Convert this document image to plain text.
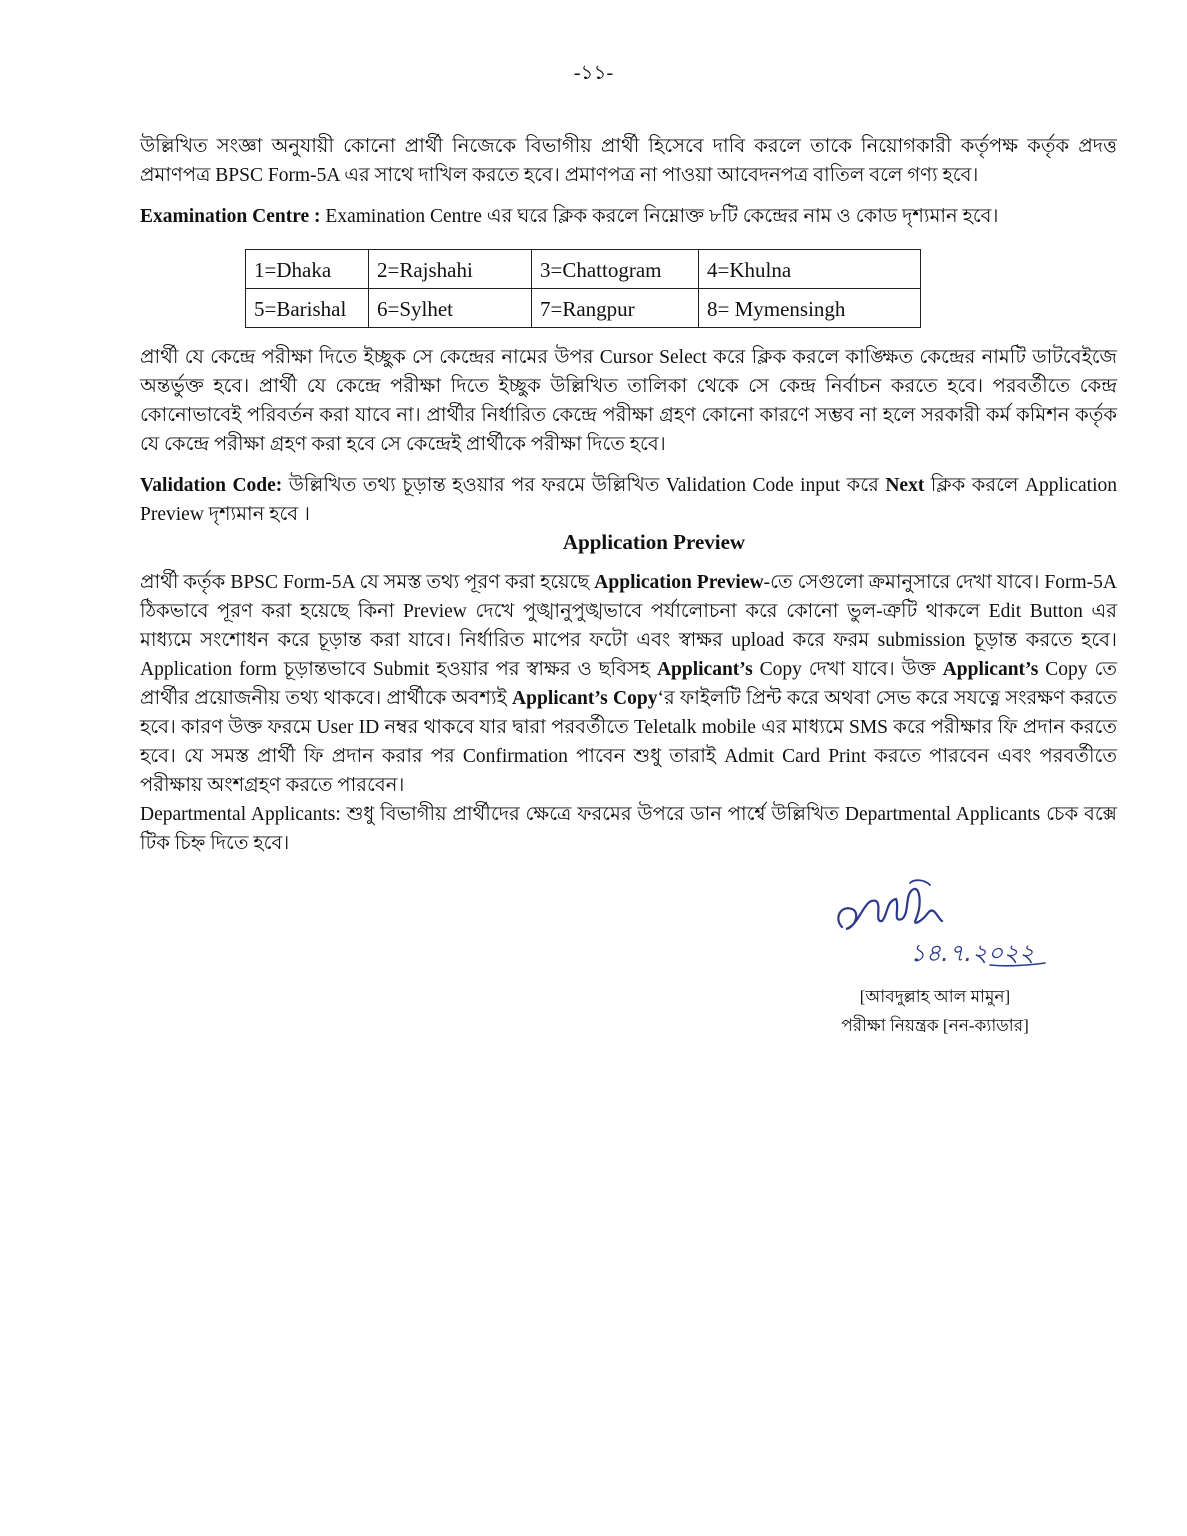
-১১-
উল্লিখিত সংজ্ঞা অনুযায়ী কোনো প্রার্থী নিজেকে বিভাগীয় প্রার্থী হিসেবে দাবি করলে তাকে নিয়োগকারী কর্তৃপক্ষ কর্তৃক প্রদত্ত প্রমাণপত্র BPSC Form-5A এর সাথে দাখিল করতে হবে। প্রমাণপত্র না পাওয়া আবেদনপত্র বাতিল বলে গণ্য হবে।
Examination Centre : Examination Centre এর ঘরে ক্লিক করলে নিম্নোক্ত ৮টি কেন্দ্রের নাম ও কোড দৃশ্যমান হবে।
1=Dhaka	2=Rajshahi	3=Chattogram	4=Khulna
5=Barishal	6=Sylhet	7=Rangpur	8= Mymensingh
প্রার্থী যে কেন্দ্রে পরীক্ষা দিতে ইচ্ছুক সে কেন্দ্রের নামের উপর Cursor Select করে ক্লিক করলে কাঙ্ক্ষিত কেন্দ্রের নামটি ডাটবেইজে অন্তর্ভুক্ত হবে। প্রার্থী যে কেন্দ্রে পরীক্ষা দিতে ইচ্ছুক উল্লিখিত তালিকা থেকে সে কেন্দ্র নির্বাচন করতে হবে। পরবর্তীতে কেন্দ্র কোনোভাবেই পরিবর্তন করা যাবে না। প্রার্থীর নির্ধারিত কেন্দ্রে পরীক্ষা গ্রহণ কোনো কারণে সম্ভব না হলে সরকারী কর্ম কমিশন কর্তৃক যে কেন্দ্রে পরীক্ষা গ্রহণ করা হবে সে কেন্দ্রেই প্রার্থীকে পরীক্ষা দিতে হবে।
Validation Code: উল্লিখিত তথ্য চূড়ান্ত হওয়ার পর ফরমে উল্লিখিত Validation Code input করে Next ক্লিক করলে Application Preview দৃশ্যমান হবে ।
Application Preview
প্রার্থী কর্তৃক BPSC Form-5A যে সমস্ত তথ্য পূরণ করা হয়েছে Application Preview-তে সেগুলো ক্রমানুসারে দেখা যাবে। Form-5A ঠিকভাবে পূরণ করা হয়েছে কিনা Preview দেখে পুঙ্খানুপুঙ্খভাবে পর্যালোচনা করে কোনো ভুল-ত্রুটি থাকলে Edit Button এর মাধ্যমে সংশোধন করে চূড়ান্ত করা যাবে। নির্ধারিত মাপের ফটো এবং স্বাক্ষর upload করে ফরম submission চূড়ান্ত করতে হবে। Application form চূড়ান্তভাবে Submit হওয়ার পর স্বাক্ষর ও ছবিসহ Applicant’s Copy দেখা যাবে। উক্ত Applicant’s Copy তে প্রার্থীর প্রয়োজনীয় তথ্য থাকবে। প্রার্থীকে অবশ্যই Applicant’s Copy‘র ফাইলটি প্রিন্ট করে অথবা সেভ করে সযত্নে সংরক্ষণ করতে হবে। কারণ উক্ত ফরমে User ID নম্বর থাকবে যার দ্বারা পরবর্তীতে Teletalk mobile এর মাধ্যমে SMS করে পরীক্ষার ফি প্রদান করতে হবে। যে সমস্ত প্রার্থী ফি প্রদান করার পর Confirmation পাবেন শুধু তারাই Admit Card Print করতে পারবেন এবং পরবর্তীতে পরীক্ষায় অংশগ্রহণ করতে পারবেন।
Departmental Applicants: শুধু বিভাগীয় প্রার্থীদের ক্ষেত্রে ফরমের উপরে ডান পার্শ্বে উল্লিখিত Departmental Applicants চেক বক্সে টিক চিহ্ন দিতে হবে।
১৪.৭.২০২২
[আবদুল্লাহ আল মামুন]
পরীক্ষা নিয়ন্ত্রক [নন-ক্যাডার]
